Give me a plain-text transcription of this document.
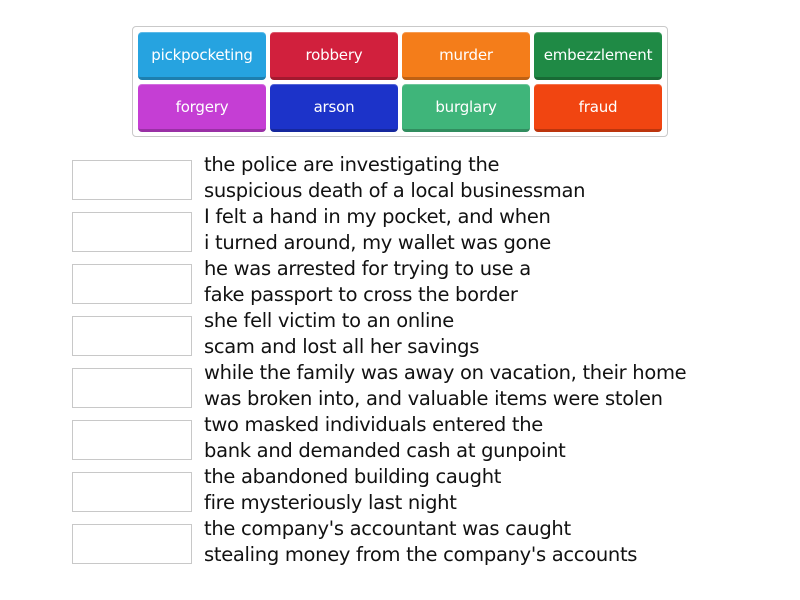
pickpocketing	robbery	murder	embezzlement
forgery	arson	burglary	fraud
the police are investigating the
suspicious death of a local businessman
I felt a hand in my pocket, and when
i turned around, my wallet was gone
he was arrested for trying to use a
fake passport to cross the border
she fell victim to an online
scam and lost all her savings
while the family was away on vacation, their home
was broken into, and valuable items were stolen
two masked individuals entered the
bank and demanded cash at gunpoint
the abandoned building caught
fire mysteriously last night
the company's accountant was caught
stealing money from the company's accounts
